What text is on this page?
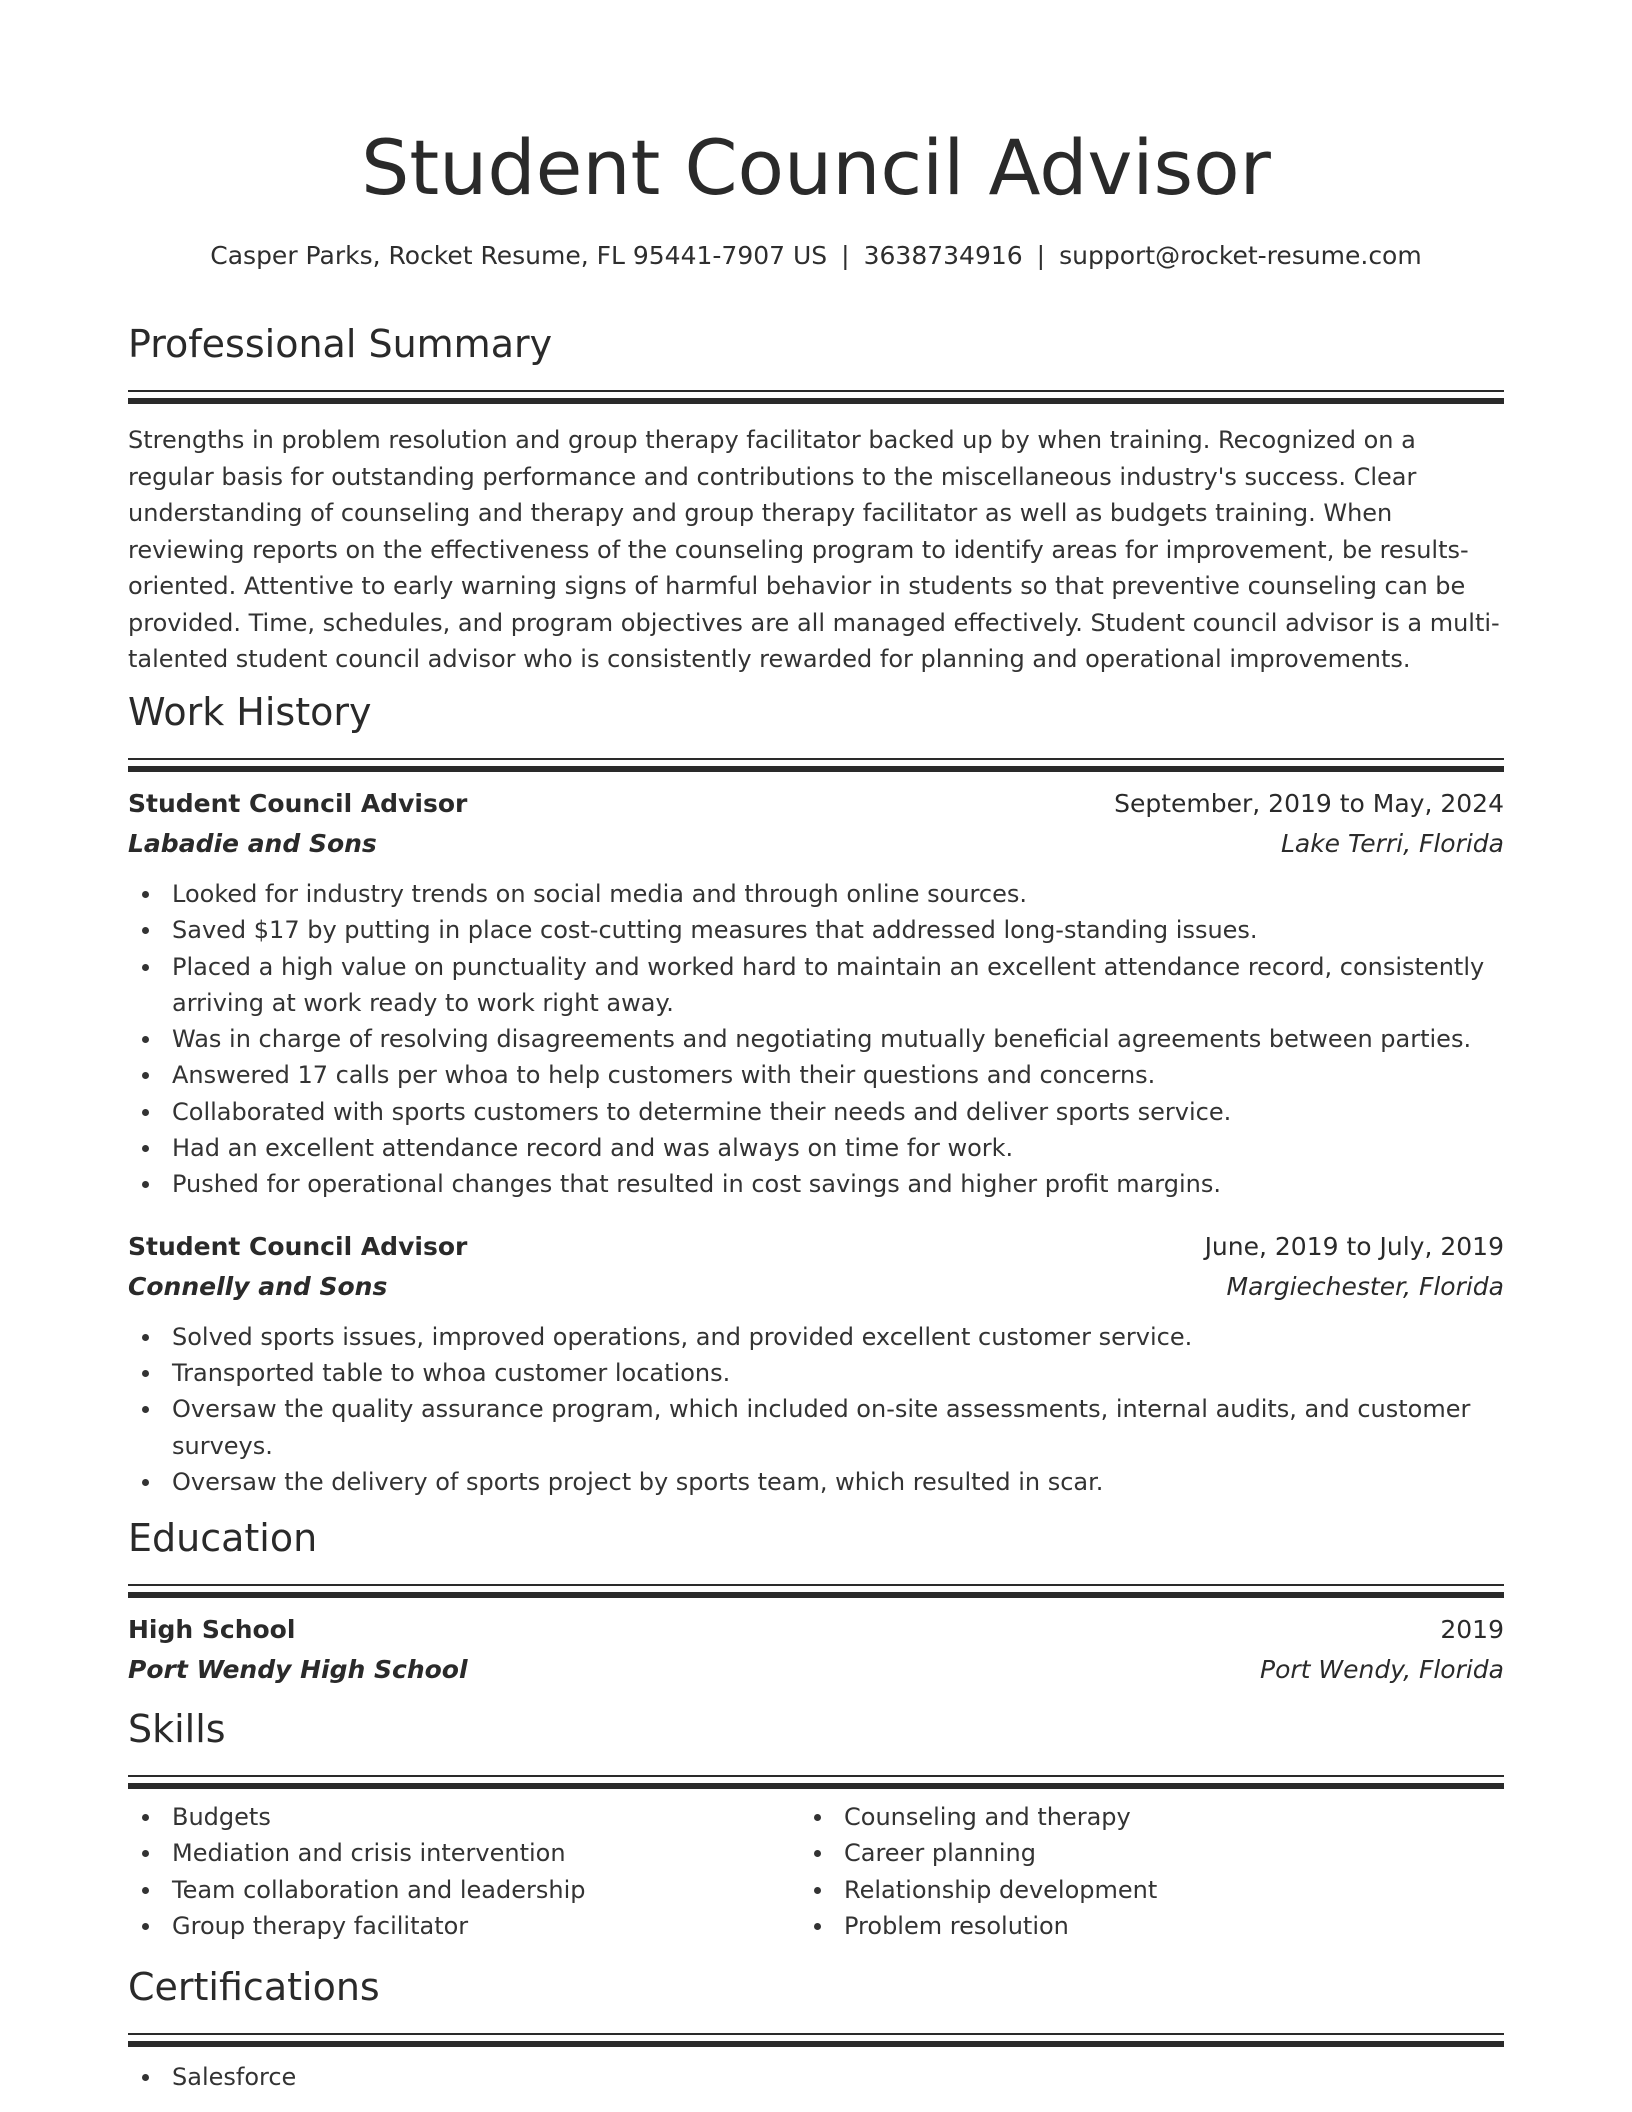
Student Council Advisor
Casper Parks, Rocket Resume, FL 95441-7907 US | 3638734916 | support@rocket-resume.com
Professional Summary

Strengths in problem resolution and group therapy facilitator backed up by when training. Recognized on a regular basis for outstanding performance and contributions to the miscellaneous industry's success. Clear understanding of counseling and therapy and group therapy facilitator as well as budgets training. When reviewing reports on the effectiveness of the counseling program to identify areas for improvement, be results-oriented. Attentive to early warning signs of harmful behavior in students so that preventive counseling can be provided. Time, schedules, and program objectives are all managed effectively. Student council advisor is a multi-talented student council advisor who is consistently rewarded for planning and operational improvements.

Work History
Student Council Advisor	September, 2019 to May, 2024
Labadie and Sons	Lake Terri, Florida
Looked for industry trends on social media and through online sources.
Saved $17 by putting in place cost-cutting measures that addressed long-standing issues.
Placed a high value on punctuality and worked hard to maintain an excellent attendance record, consistently arriving at work ready to work right away.
Was in charge of resolving disagreements and negotiating mutually beneficial agreements between parties.
Answered 17 calls per whoa to help customers with their questions and concerns.
Collaborated with sports customers to determine their needs and deliver sports service.
Had an excellent attendance record and was always on time for work.
Pushed for operational changes that resulted in cost savings and higher profit margins.
Student Council Advisor	June, 2019 to July, 2019
Connelly and Sons	Margiechester, Florida
Solved sports issues, improved operations, and provided excellent customer service.
Transported table to whoa customer locations.
Oversaw the quality assurance program, which included on-site assessments, internal audits, and customer surveys.
Oversaw the delivery of sports project by sports team, which resulted in scar.
Education
High School	2019
Port Wendy High School	Port Wendy, Florida
Skills
Budgets
Mediation and crisis intervention
Team collaboration and leadership
Group therapy facilitator
Counseling and therapy
Career planning
Relationship development
Problem resolution
Certifications
Salesforce
